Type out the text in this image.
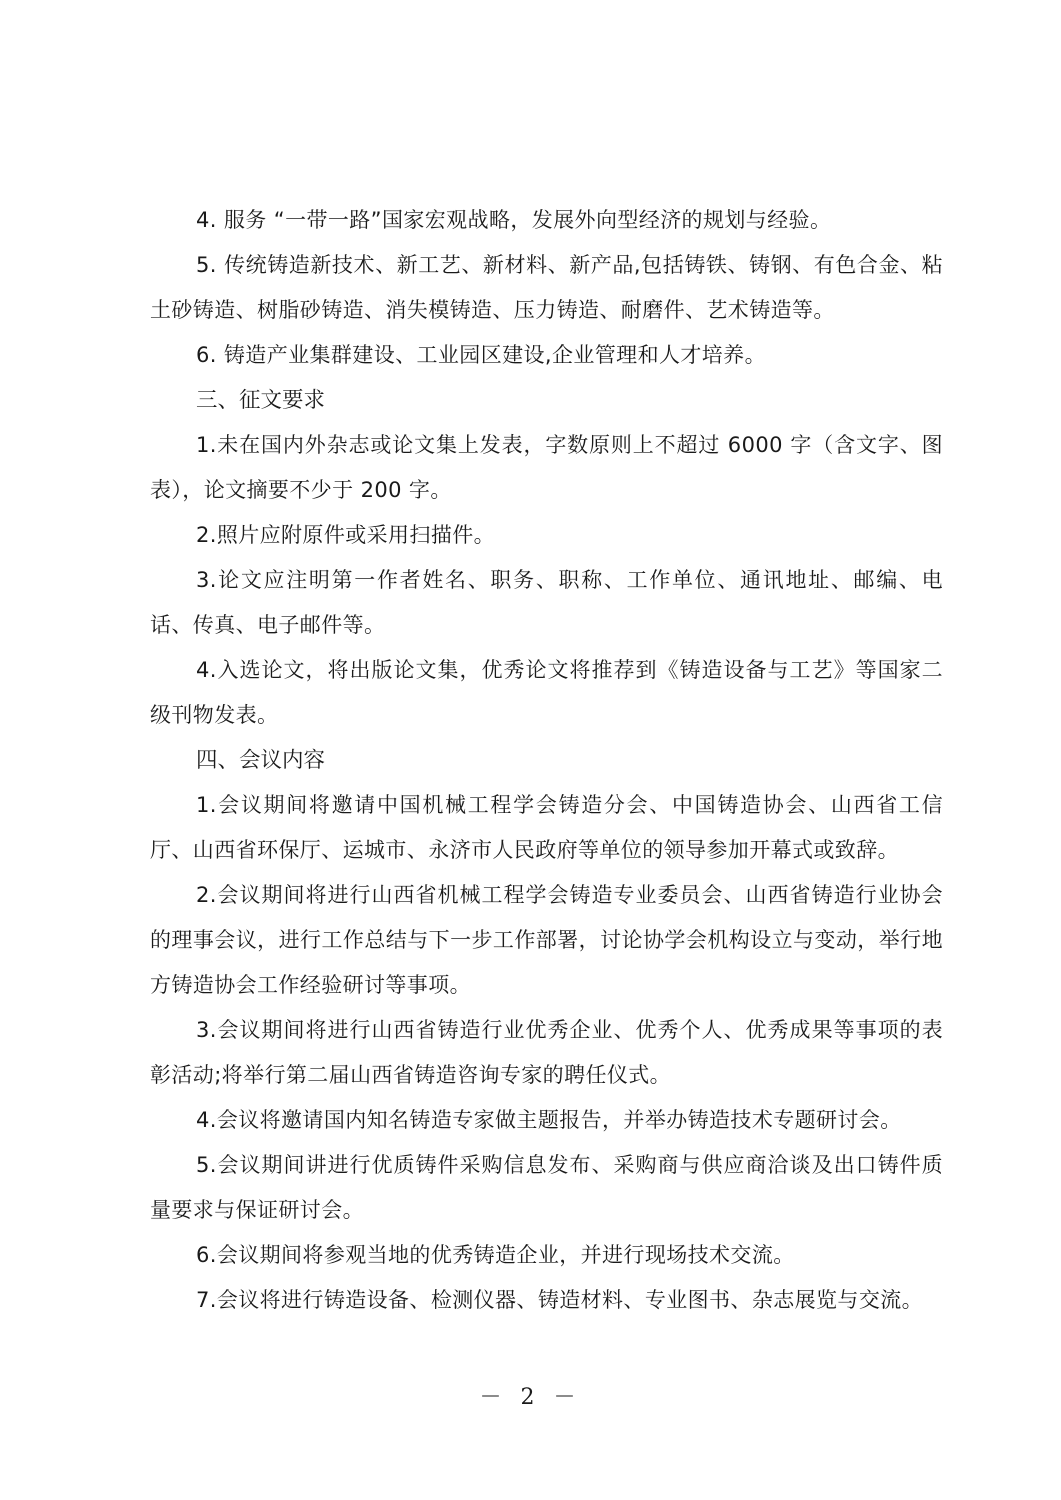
4. 服务 “一带一路”国家宏观战略，发展外向型经济的规划与经验。

5. 传统铸造新技术、新工艺、新材料、新产品,包括铸铁、铸钢、有色合金、粘土砂铸造、树脂砂铸造、消失模铸造、压力铸造、耐磨件、艺术铸造等。

6. 铸造产业集群建设、工业园区建设,企业管理和人才培养。

三、征文要求

1.未在国内外杂志或论文集上发表，字数原则上不超过 6000 字（含文字、图表），论文摘要不少于 200 字。

2.照片应附原件或采用扫描件。

3.论文应注明第一作者姓名、职务、职称、工作单位、通讯地址、邮编、电话、传真、电子邮件等。

4.入选论文，将出版论文集，优秀论文将推荐到《铸造设备与工艺》等国家二级刊物发表。

四、会议内容

1.会议期间将邀请中国机械工程学会铸造分会、中国铸造协会、山西省工信厅、山西省环保厅、运城市、永济市人民政府等单位的领导参加开幕式或致辞。

2.会议期间将进行山西省机械工程学会铸造专业委员会、山西省铸造行业协会的理事会议，进行工作总结与下一步工作部署，讨论协学会机构设立与变动，举行地方铸造协会工作经验研讨等事项。

3.会议期间将进行山西省铸造行业优秀企业、优秀个人、优秀成果等事项的表彰活动;将举行第二届山西省铸造咨询专家的聘任仪式。

4.会议将邀请国内知名铸造专家做主题报告，并举办铸造技术专题研讨会。

5.会议期间讲进行优质铸件采购信息发布、采购商与供应商洽谈及出口铸件质量要求与保证研讨会。

6.会议期间将参观当地的优秀铸造企业，并进行现场技术交流。

7.会议将进行铸造设备、检测仪器、铸造材料、专业图书、杂志展览与交流。

－ 2 －
